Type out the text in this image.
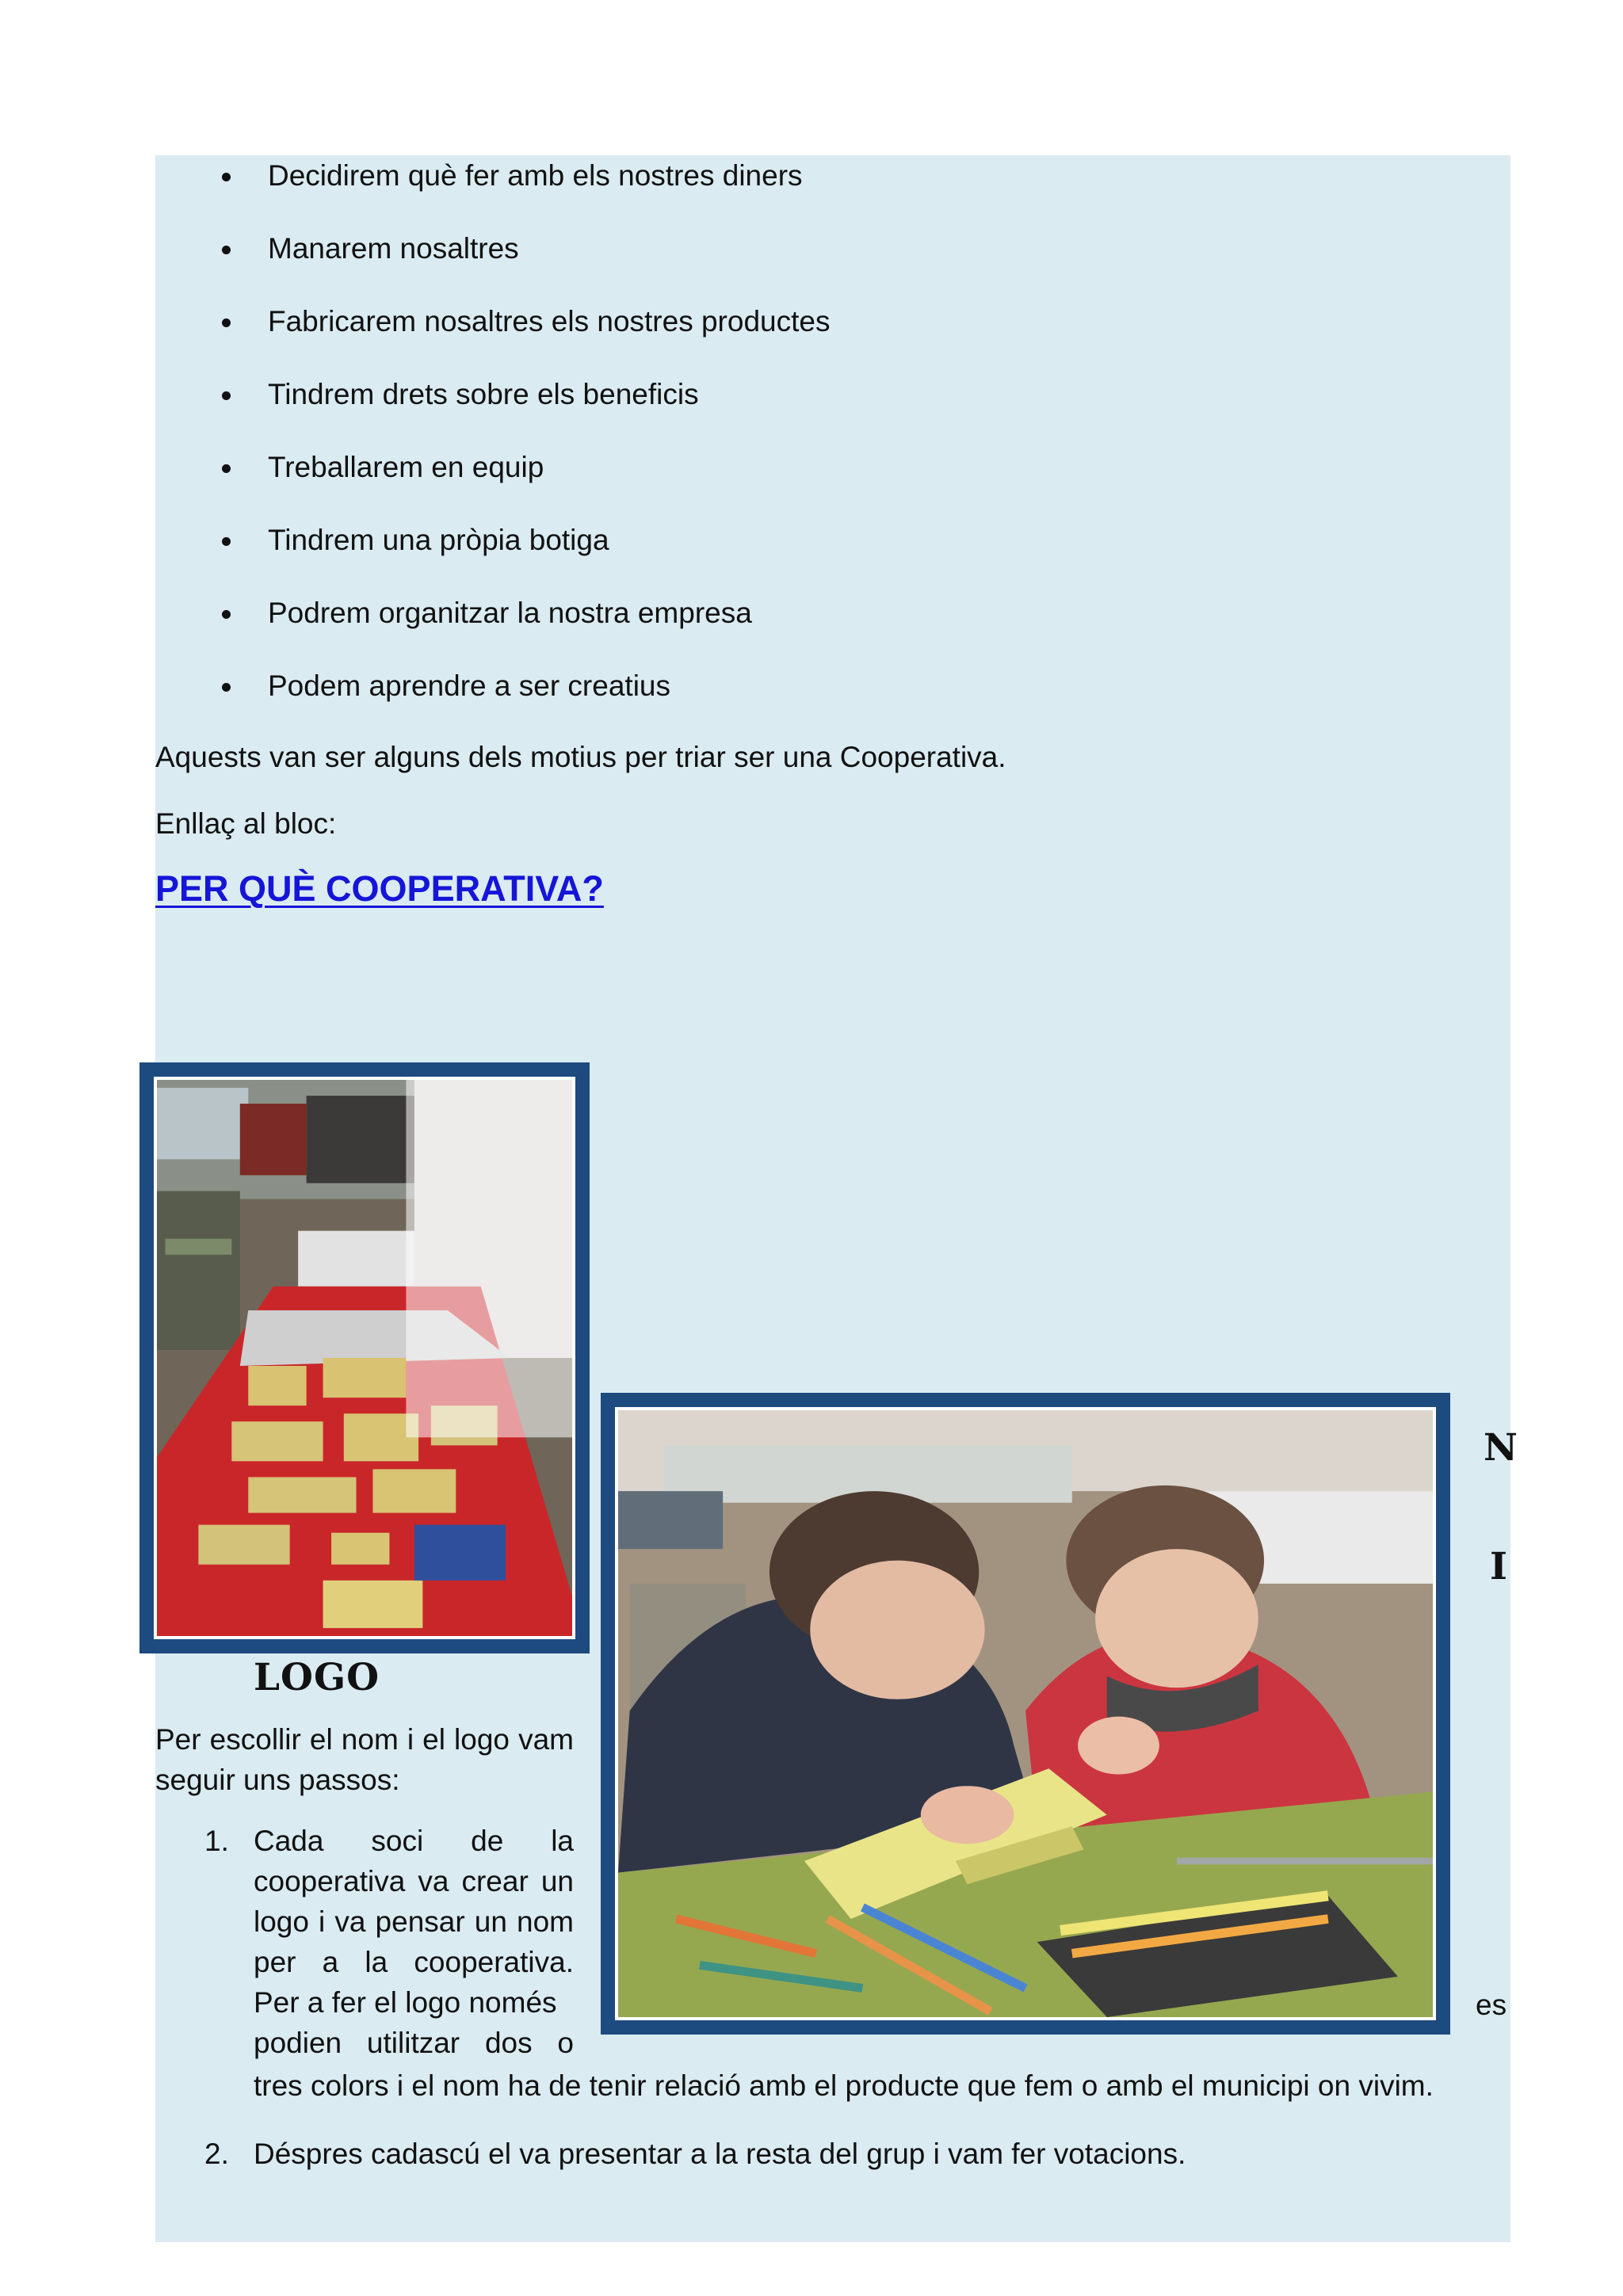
Decidirem què fer amb els nostres diners
Manarem nosaltres
Fabricarem nosaltres els nostres productes
Tindrem drets sobre els beneficis
Treballarem en equip
Tindrem una pròpia botiga
Podrem organitzar la nostra empresa
Podem aprendre a ser creatius
Aquests van ser alguns dels motius per triar ser una Cooperativa.
Enllaç al bloc:
PER QUÈ COOPERATIVA?
LOGO
N
I
Per escollir el nom i el logo vam seguir uns passos:
1. Cada soci de la
cooperativa va crear un
logo i va pensar un nom
per a la cooperativa.
Per a fer el logo només
podien utilitzar dos o
es
tres colors i el nom ha de tenir relació amb el producte que fem o amb el municipi on vivim.
2. Déspres cadascú el va presentar a la resta del grup i vam fer votacions.
